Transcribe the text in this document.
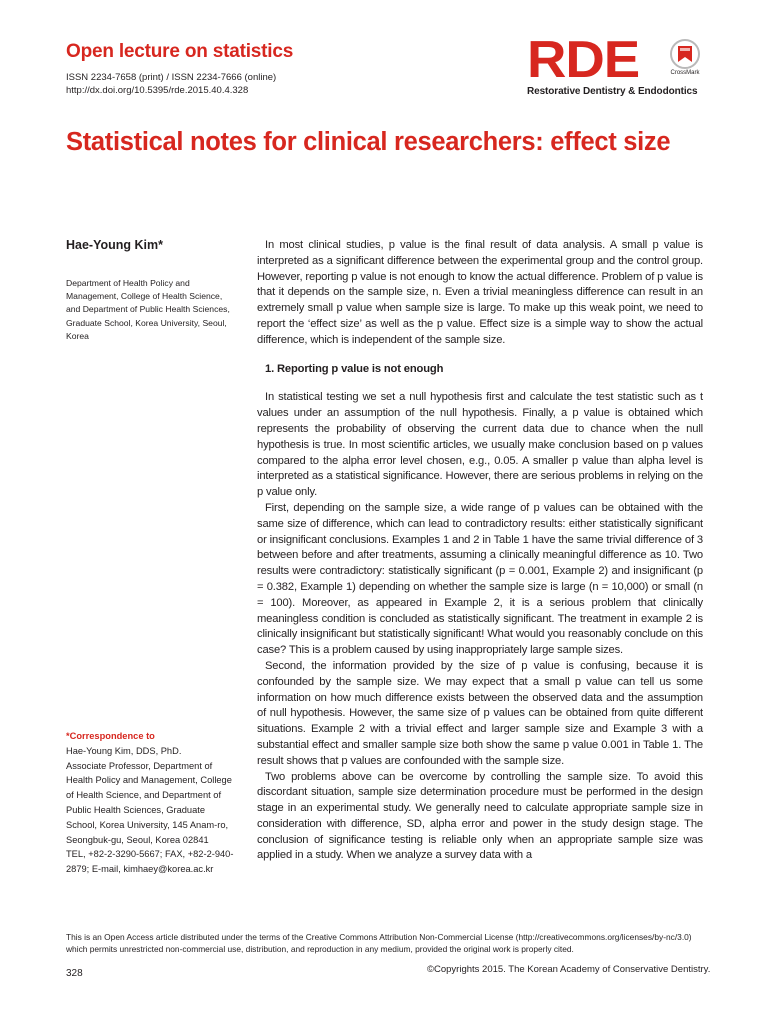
Open lecture on statistics
ISSN 2234-7658 (print) / ISSN 2234-7666 (online)
http://dx.doi.org/10.5395/rde.2015.40.4.328
RDE	CrossMark
Restorative Dentistry & Endodontics
Statistical notes for clinical researchers: effect size
Hae-Young Kim*
Department of Health Policy and Management, College of Health Science, and Department of Public Health Sciences, Graduate School, Korea University, Seoul, Korea
*Correspondence to
Hae-Young Kim, DDS, PhD.
Associate Professor, Department of Health Policy and Management, College of Health Science, and Department of Public Health Sciences, Graduate School, Korea University, 145 Anam-ro, Seongbuk-gu, Seoul, Korea 02841
TEL, +82-2-3290-5667; FAX, +82-2-940-2879; E-mail, kimhaey@korea.ac.kr

In most clinical studies, p value is the final result of data analysis. A small p value is interpreted as a significant difference between the experimental group and the control group. However, reporting p value is not enough to know the actual difference. Problem of p value is that it depends on the sample size, n. Even a trivial meaningless difference can result in an extremely small p value when sample size is large. To make up this weak point, we need to report the ‘effect size’ as well as the p value. Effect size is a simple way to show the actual difference, which is independent of the sample size.

1. Reporting p value is not enough

In statistical testing we set a null hypothesis first and calculate the test statistic such as t values under an assumption of the null hypothesis. Finally, a p value is obtained which represents the probability of observing the current data due to chance when the null hypothesis is true. In most scientific articles, we usually make conclusion based on p values compared to the alpha error level chosen, e.g., 0.05. A smaller p value than alpha level is interpreted as a statistical significance. However, there are serious problems in relying on the p value only.

First, depending on the sample size, a wide range of p values can be obtained with the same size of difference, which can lead to contradictory results: either statistically significant or insignificant conclusions. Examples 1 and 2 in Table 1 have the same trivial difference of 3 between before and after treatments, assuming a clinically meaningful difference as 10. Two results were contradictory: statistically significant (p = 0.001, Example 2) and insignificant (p = 0.382, Example 1) depending on whether the sample size is large (n = 10,000) or small (n = 100). Moreover, as appeared in Example 2, it is a serious problem that clinically meaningless condition is concluded as statistically significant. The treatment in example 2 is clinically insignificant but statistically significant! What would you reasonably conclude on this case? This is a problem caused by using inappropriately large sample sizes.

Second, the information provided by the size of p value is confusing, because it is confounded by the sample size. We may expect that a small p value can tell us some information on how much difference exists between the observed data and the assumption of null hypothesis. However, the same size of p values can be obtained from quite different situations. Example 2 with a trivial effect and larger sample size and Example 3 with a substantial effect and smaller sample size both show the same p value 0.001 in Table 1. The result shows that p values are confounded with the sample size.

Two problems above can be overcome by controlling the sample size. To avoid this discordant situation, sample size determination procedure must be performed in the design stage in an experimental study. We generally need to calculate appropriate sample size in consideration with difference, SD, alpha error and power in the study design stage. The conclusion of significance testing is reliable only when an appropriate sample size was applied in a study. When we analyze a survey data with a

This is an Open Access article distributed under the terms of the Creative Commons Attribution Non-Commercial License (http://creativecommons.org/licenses/by-nc/3.0) which permits unrestricted non-commercial use, distribution, and reproduction in any medium, provided the original work is properly cited.
328	©Copyrights 2015. The Korean Academy of Conservative Dentistry.
